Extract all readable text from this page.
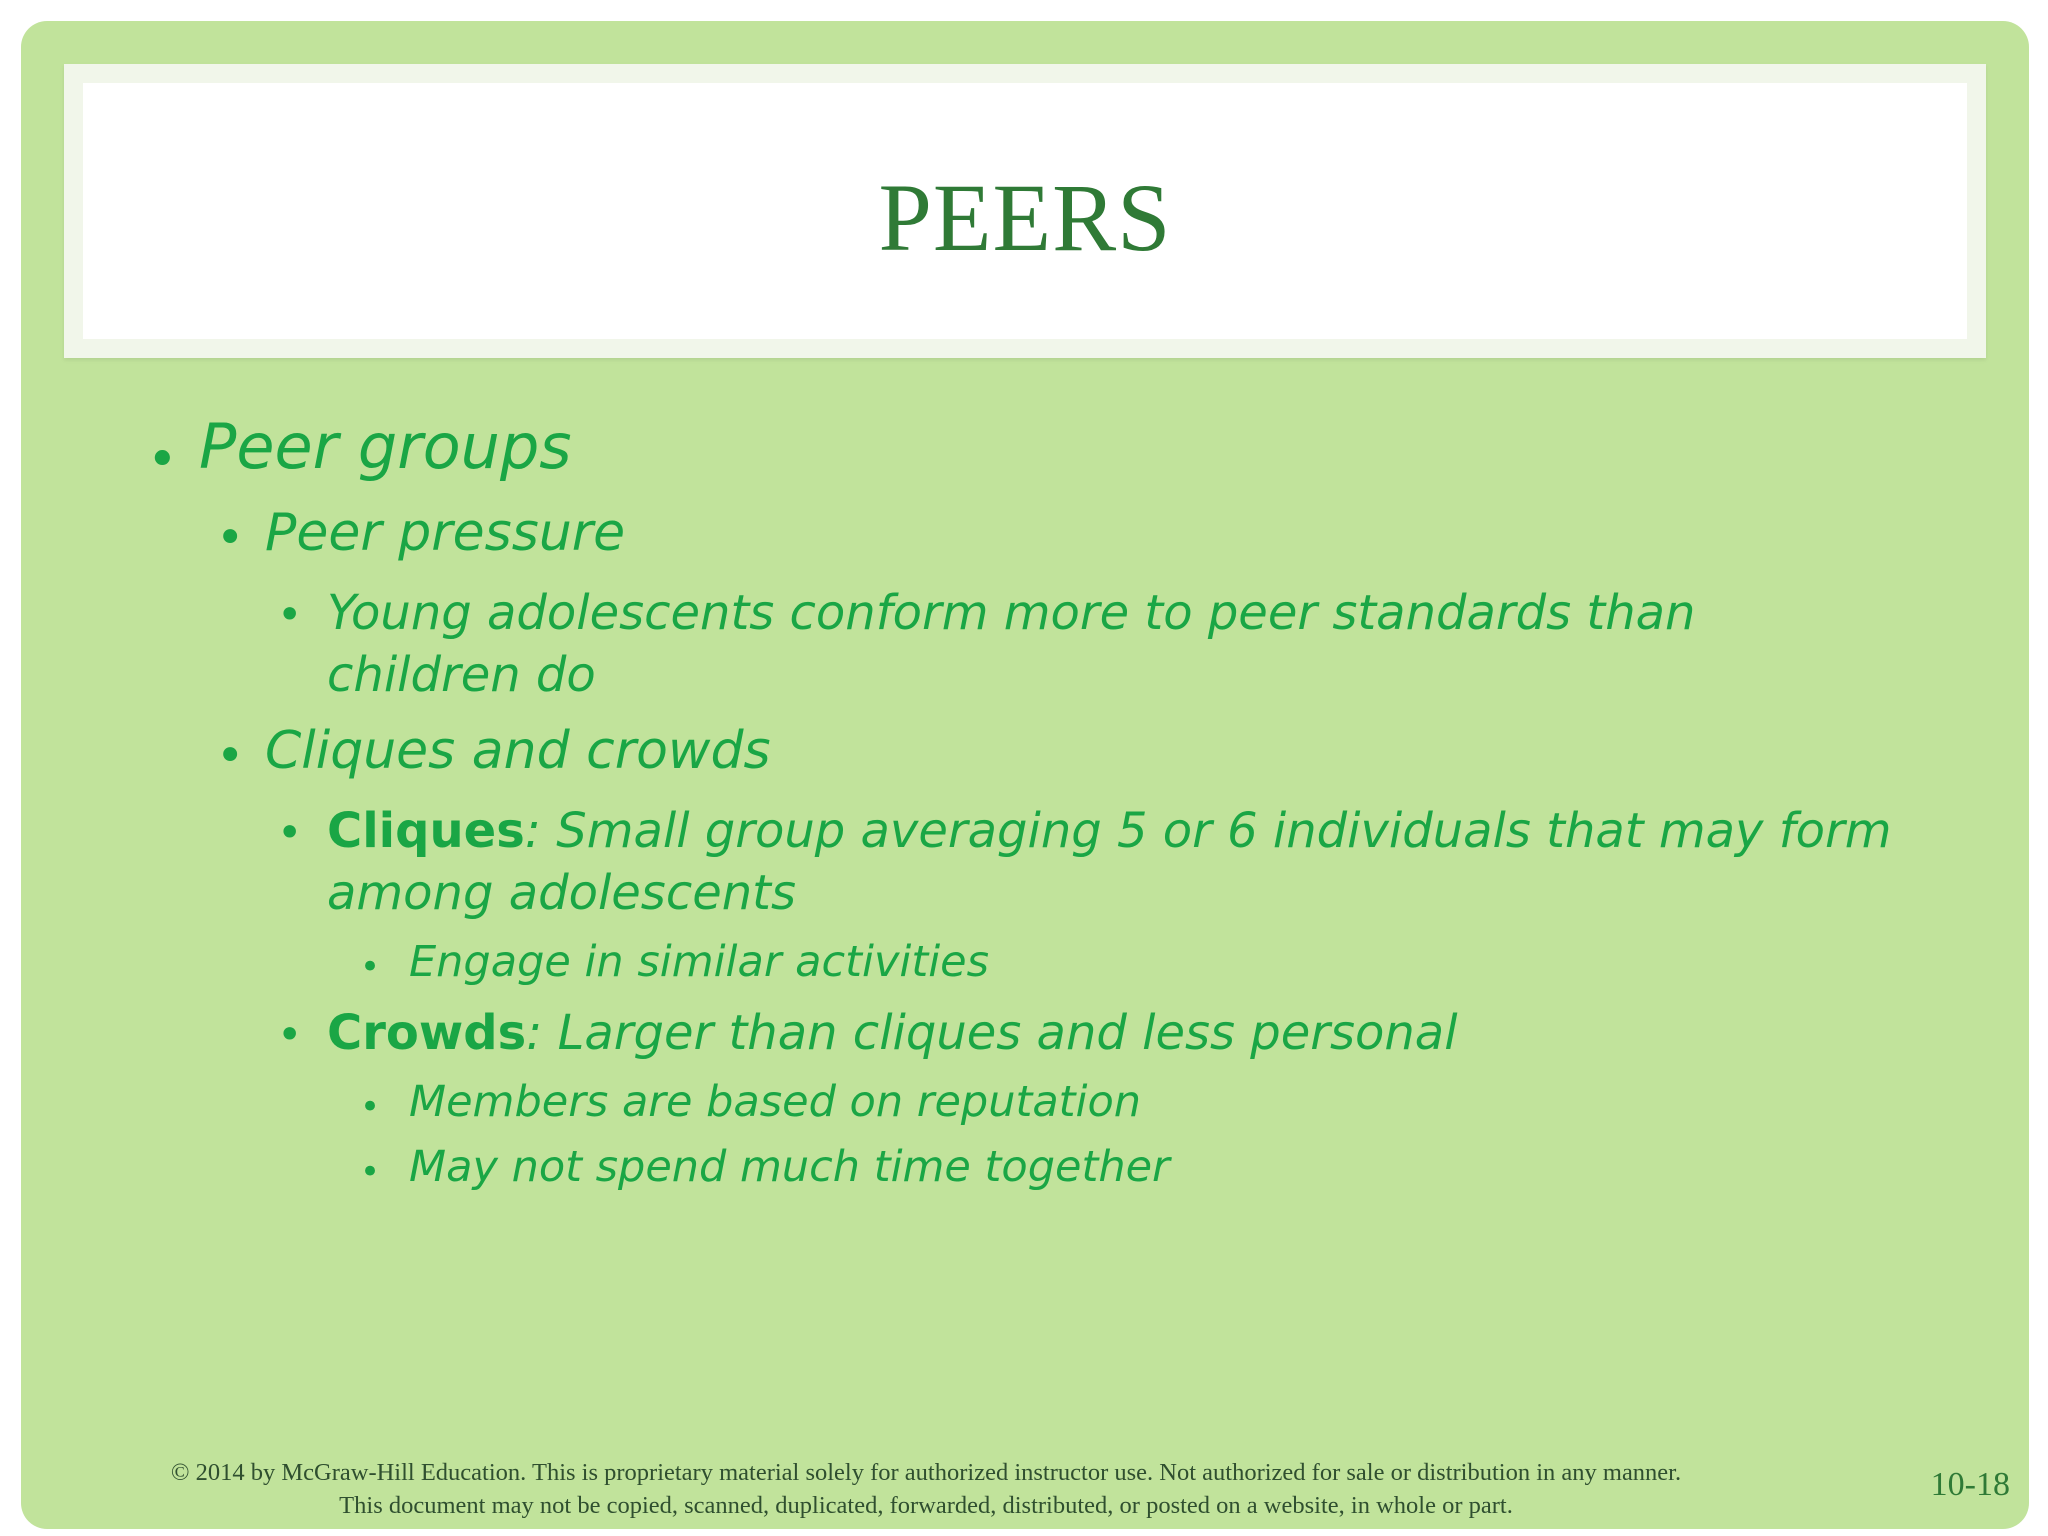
PEERS
• Peer groups
• Peer pressure
• Young adolescents conform more to peer standards than
children do
• Cliques and crowds
• Cliques: Small group averaging 5 or 6 individuals that may form
among adolescents
• Engage in similar activities
• Crowds: Larger than cliques and less personal
• Members are based on reputation
• May not spend much time together
© 2014 by McGraw-Hill Education. This is proprietary material solely for authorized instructor use. Not authorized for sale or distribution in any manner.
This document may not be copied, scanned, duplicated, forwarded, distributed, or posted on a website, in whole or part.
10-18
